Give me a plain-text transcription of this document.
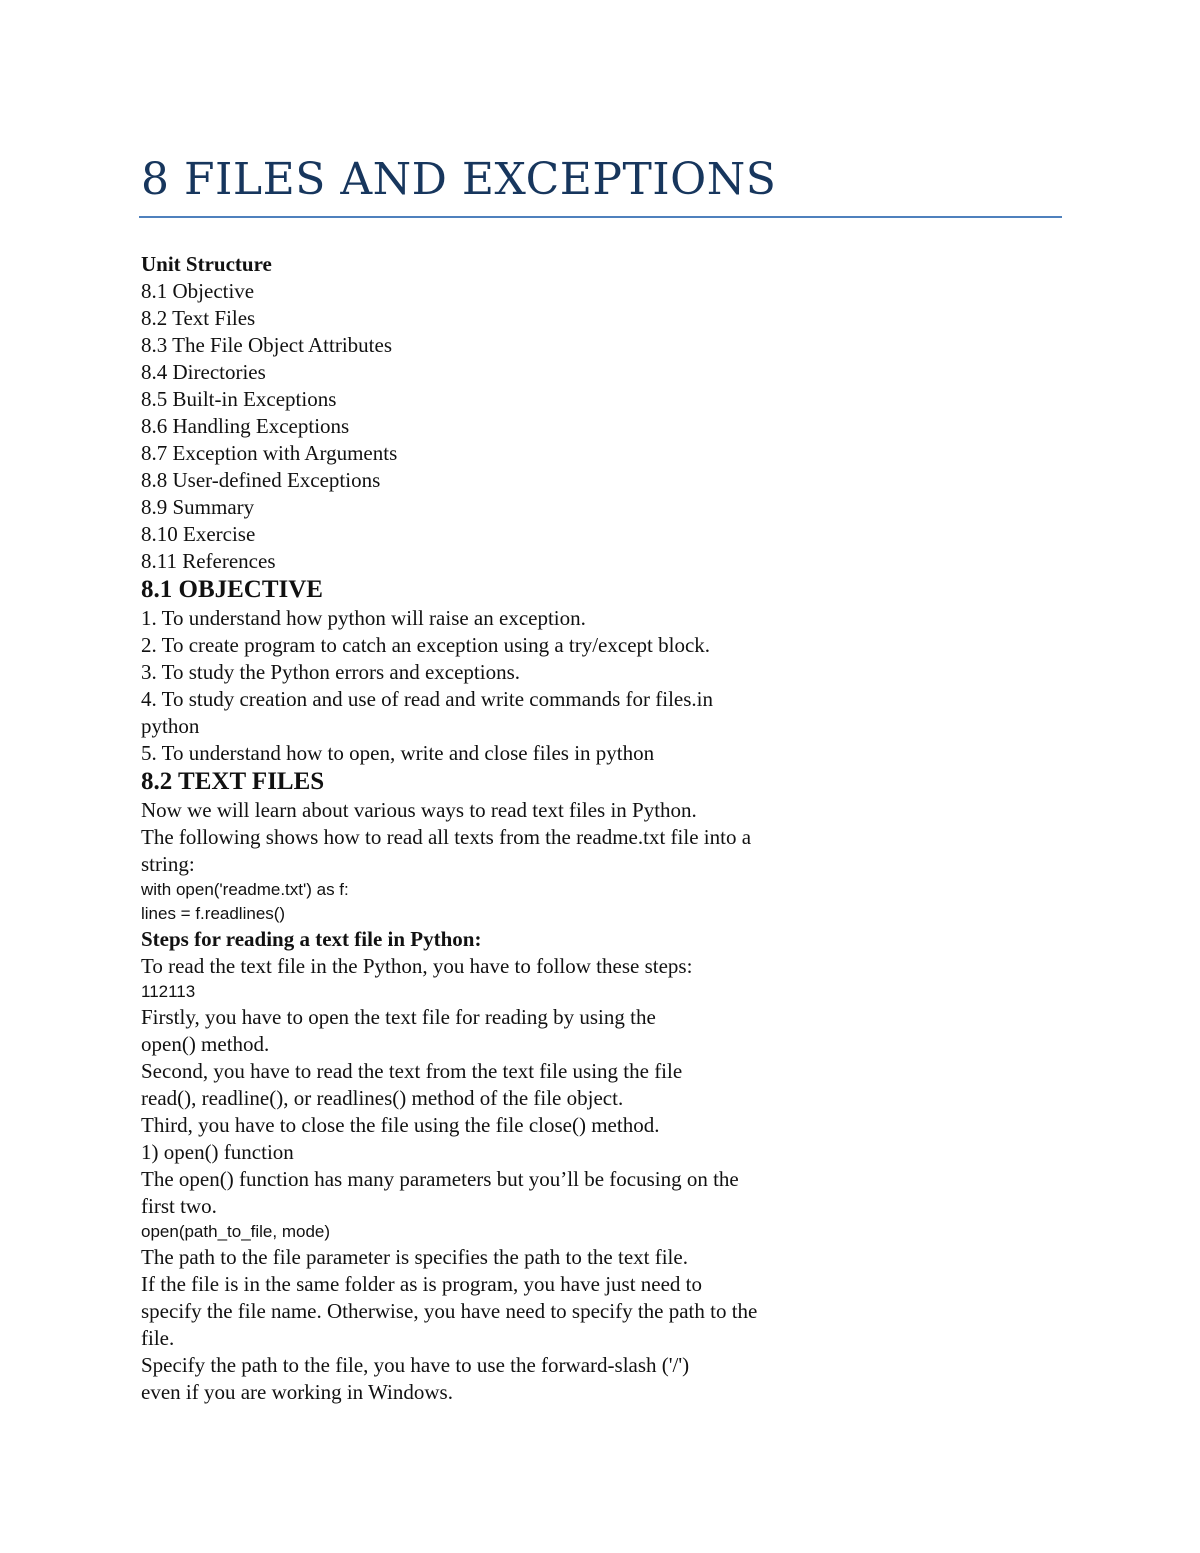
8 FILES AND EXCEPTIONS

Unit Structure

8.1 Objective

8.2 Text Files

8.3 The File Object Attributes

8.4 Directories

8.5 Built-in Exceptions

8.6 Handling Exceptions

8.7 Exception with Arguments

8.8 User-defined Exceptions

8.9 Summary

8.10 Exercise

8.11 References

8.1 OBJECTIVE

1. To understand how python will raise an exception.

2. To create program to catch an exception using a try/except block.

3. To study the Python errors and exceptions.

4. To study creation and use of read and write commands for files.in

python

5. To understand how to open, write and close files in python

8.2 TEXT FILES

Now we will learn about various ways to read text files in Python.

The following shows how to read all texts from the readme.txt file into a

string:

with open('readme.txt') as f:

lines = f.readlines()

Steps for reading a text file in Python:

To read the text file in the Python, you have to follow these steps:

112113

Firstly, you have to open the text file for reading by using the

open() method.

Second, you have to read the text from the text file using the file

read(), readline(), or readlines() method of the file object.

Third, you have to close the file using the file close() method.

1) open() function

The open() function has many parameters but you’ll be focusing on the

first two.

open(path_to_file, mode)

The path to the file parameter is specifies the path to the text file.

If the file is in the same folder as is program, you have just need to

specify the file name. Otherwise, you have need to specify the path to the

file.

Specify the path to the file, you have to use the forward-slash ('/')

even if you are working in Windows.
